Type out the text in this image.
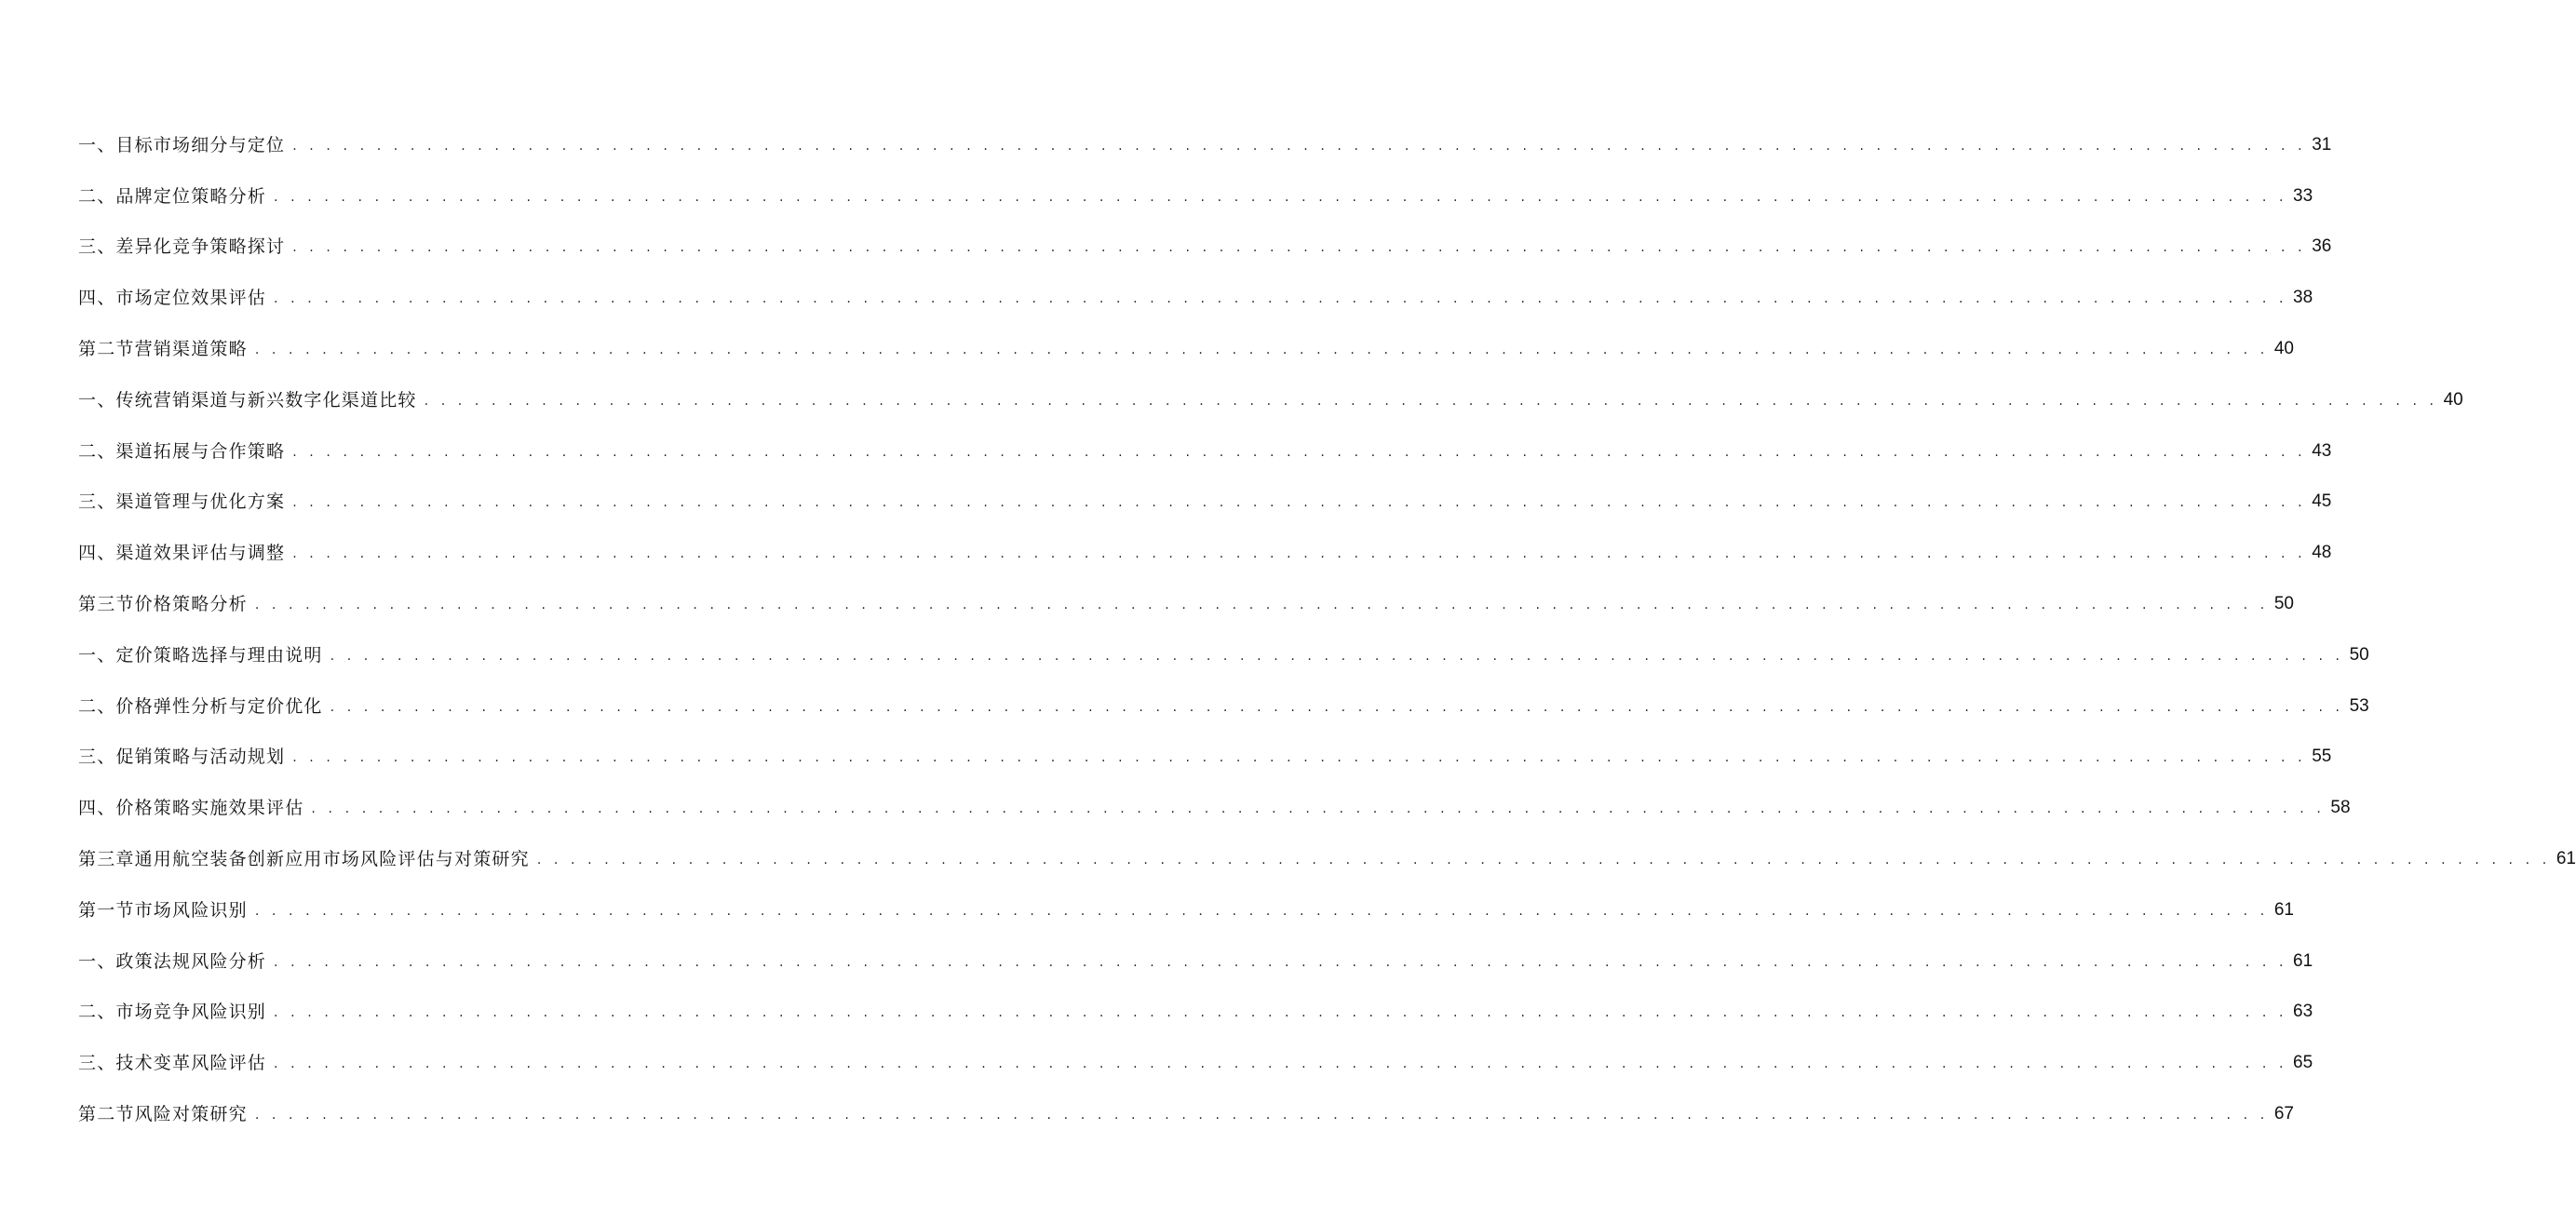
一、目标市场细分与定位 . . . . . . . . . . . . . . . . . . . . . . . . . . . . . . . . . . . . . . . . . . . . . . . . . . . . . . . . . . . . . . . . . . . . . . . . . . . . . . . . . . . . . . . . . . . . . . . . . . . . . . . . . . . . . . . . . . . . . . . . 31
二、品牌定位策略分析 . . . . . . . . . . . . . . . . . . . . . . . . . . . . . . . . . . . . . . . . . . . . . . . . . . . . . . . . . . . . . . . . . . . . . . . . . . . . . . . . . . . . . . . . . . . . . . . . . . . . . . . . . . . . . . . . . . . . . . . . 33
三、差异化竞争策略探讨 . . . . . . . . . . . . . . . . . . . . . . . . . . . . . . . . . . . . . . . . . . . . . . . . . . . . . . . . . . . . . . . . . . . . . . . . . . . . . . . . . . . . . . . . . . . . . . . . . . . . . . . . . . . . . . . . . . . . . . . . 36
四、市场定位效果评估 . . . . . . . . . . . . . . . . . . . . . . . . . . . . . . . . . . . . . . . . . . . . . . . . . . . . . . . . . . . . . . . . . . . . . . . . . . . . . . . . . . . . . . . . . . . . . . . . . . . . . . . . . . . . . . . . . . . . . . . . 38
第二节营销渠道策略 . . . . . . . . . . . . . . . . . . . . . . . . . . . . . . . . . . . . . . . . . . . . . . . . . . . . . . . . . . . . . . . . . . . . . . . . . . . . . . . . . . . . . . . . . . . . . . . . . . . . . . . . . . . . . . . . . . . . . . . . 40
一、传统营销渠道与新兴数字化渠道比较 . . . . . . . . . . . . . . . . . . . . . . . . . . . . . . . . . . . . . . . . . . . . . . . . . . . . . . . . . . . . . . . . . . . . . . . . . . . . . . . . . . . . . . . . . . . . . . . . . . . . . . . . . . . . . . . . . . . . . . . . 40
二、渠道拓展与合作策略 . . . . . . . . . . . . . . . . . . . . . . . . . . . . . . . . . . . . . . . . . . . . . . . . . . . . . . . . . . . . . . . . . . . . . . . . . . . . . . . . . . . . . . . . . . . . . . . . . . . . . . . . . . . . . . . . . . . . . . . . 43
三、渠道管理与优化方案 . . . . . . . . . . . . . . . . . . . . . . . . . . . . . . . . . . . . . . . . . . . . . . . . . . . . . . . . . . . . . . . . . . . . . . . . . . . . . . . . . . . . . . . . . . . . . . . . . . . . . . . . . . . . . . . . . . . . . . . . 45
四、渠道效果评估与调整 . . . . . . . . . . . . . . . . . . . . . . . . . . . . . . . . . . . . . . . . . . . . . . . . . . . . . . . . . . . . . . . . . . . . . . . . . . . . . . . . . . . . . . . . . . . . . . . . . . . . . . . . . . . . . . . . . . . . . . . . 48
第三节价格策略分析 . . . . . . . . . . . . . . . . . . . . . . . . . . . . . . . . . . . . . . . . . . . . . . . . . . . . . . . . . . . . . . . . . . . . . . . . . . . . . . . . . . . . . . . . . . . . . . . . . . . . . . . . . . . . . . . . . . . . . . . . 50
一、定价策略选择与理由说明 . . . . . . . . . . . . . . . . . . . . . . . . . . . . . . . . . . . . . . . . . . . . . . . . . . . . . . . . . . . . . . . . . . . . . . . . . . . . . . . . . . . . . . . . . . . . . . . . . . . . . . . . . . . . . . . . . . . . . . . . 50
二、价格弹性分析与定价优化 . . . . . . . . . . . . . . . . . . . . . . . . . . . . . . . . . . . . . . . . . . . . . . . . . . . . . . . . . . . . . . . . . . . . . . . . . . . . . . . . . . . . . . . . . . . . . . . . . . . . . . . . . . . . . . . . . . . . . . . . 53
三、促销策略与活动规划 . . . . . . . . . . . . . . . . . . . . . . . . . . . . . . . . . . . . . . . . . . . . . . . . . . . . . . . . . . . . . . . . . . . . . . . . . . . . . . . . . . . . . . . . . . . . . . . . . . . . . . . . . . . . . . . . . . . . . . . . 55
四、价格策略实施效果评估 . . . . . . . . . . . . . . . . . . . . . . . . . . . . . . . . . . . . . . . . . . . . . . . . . . . . . . . . . . . . . . . . . . . . . . . . . . . . . . . . . . . . . . . . . . . . . . . . . . . . . . . . . . . . . . . . . . . . . . . . 58
第三章通用航空装备创新应用市场风险评估与对策研究 . . . . . . . . . . . . . . . . . . . . . . . . . . . . . . . . . . . . . . . . . . . . . . . . . . . . . . . . . . . . . . . . . . . . . . . . . . . . . . . . . . . . . . . . . . . . . . . . . . . . . . . . . . . . . . . . . . . . . . . . 61
第一节市场风险识别 . . . . . . . . . . . . . . . . . . . . . . . . . . . . . . . . . . . . . . . . . . . . . . . . . . . . . . . . . . . . . . . . . . . . . . . . . . . . . . . . . . . . . . . . . . . . . . . . . . . . . . . . . . . . . . . . . . . . . . . . 61
一、政策法规风险分析 . . . . . . . . . . . . . . . . . . . . . . . . . . . . . . . . . . . . . . . . . . . . . . . . . . . . . . . . . . . . . . . . . . . . . . . . . . . . . . . . . . . . . . . . . . . . . . . . . . . . . . . . . . . . . . . . . . . . . . . . 61
二、市场竞争风险识别 . . . . . . . . . . . . . . . . . . . . . . . . . . . . . . . . . . . . . . . . . . . . . . . . . . . . . . . . . . . . . . . . . . . . . . . . . . . . . . . . . . . . . . . . . . . . . . . . . . . . . . . . . . . . . . . . . . . . . . . . 63
三、技术变革风险评估 . . . . . . . . . . . . . . . . . . . . . . . . . . . . . . . . . . . . . . . . . . . . . . . . . . . . . . . . . . . . . . . . . . . . . . . . . . . . . . . . . . . . . . . . . . . . . . . . . . . . . . . . . . . . . . . . . . . . . . . . 65
第二节风险对策研究 . . . . . . . . . . . . . . . . . . . . . . . . . . . . . . . . . . . . . . . . . . . . . . . . . . . . . . . . . . . . . . . . . . . . . . . . . . . . . . . . . . . . . . . . . . . . . . . . . . . . . . . . . . . . . . . . . . . . . . . . 67
